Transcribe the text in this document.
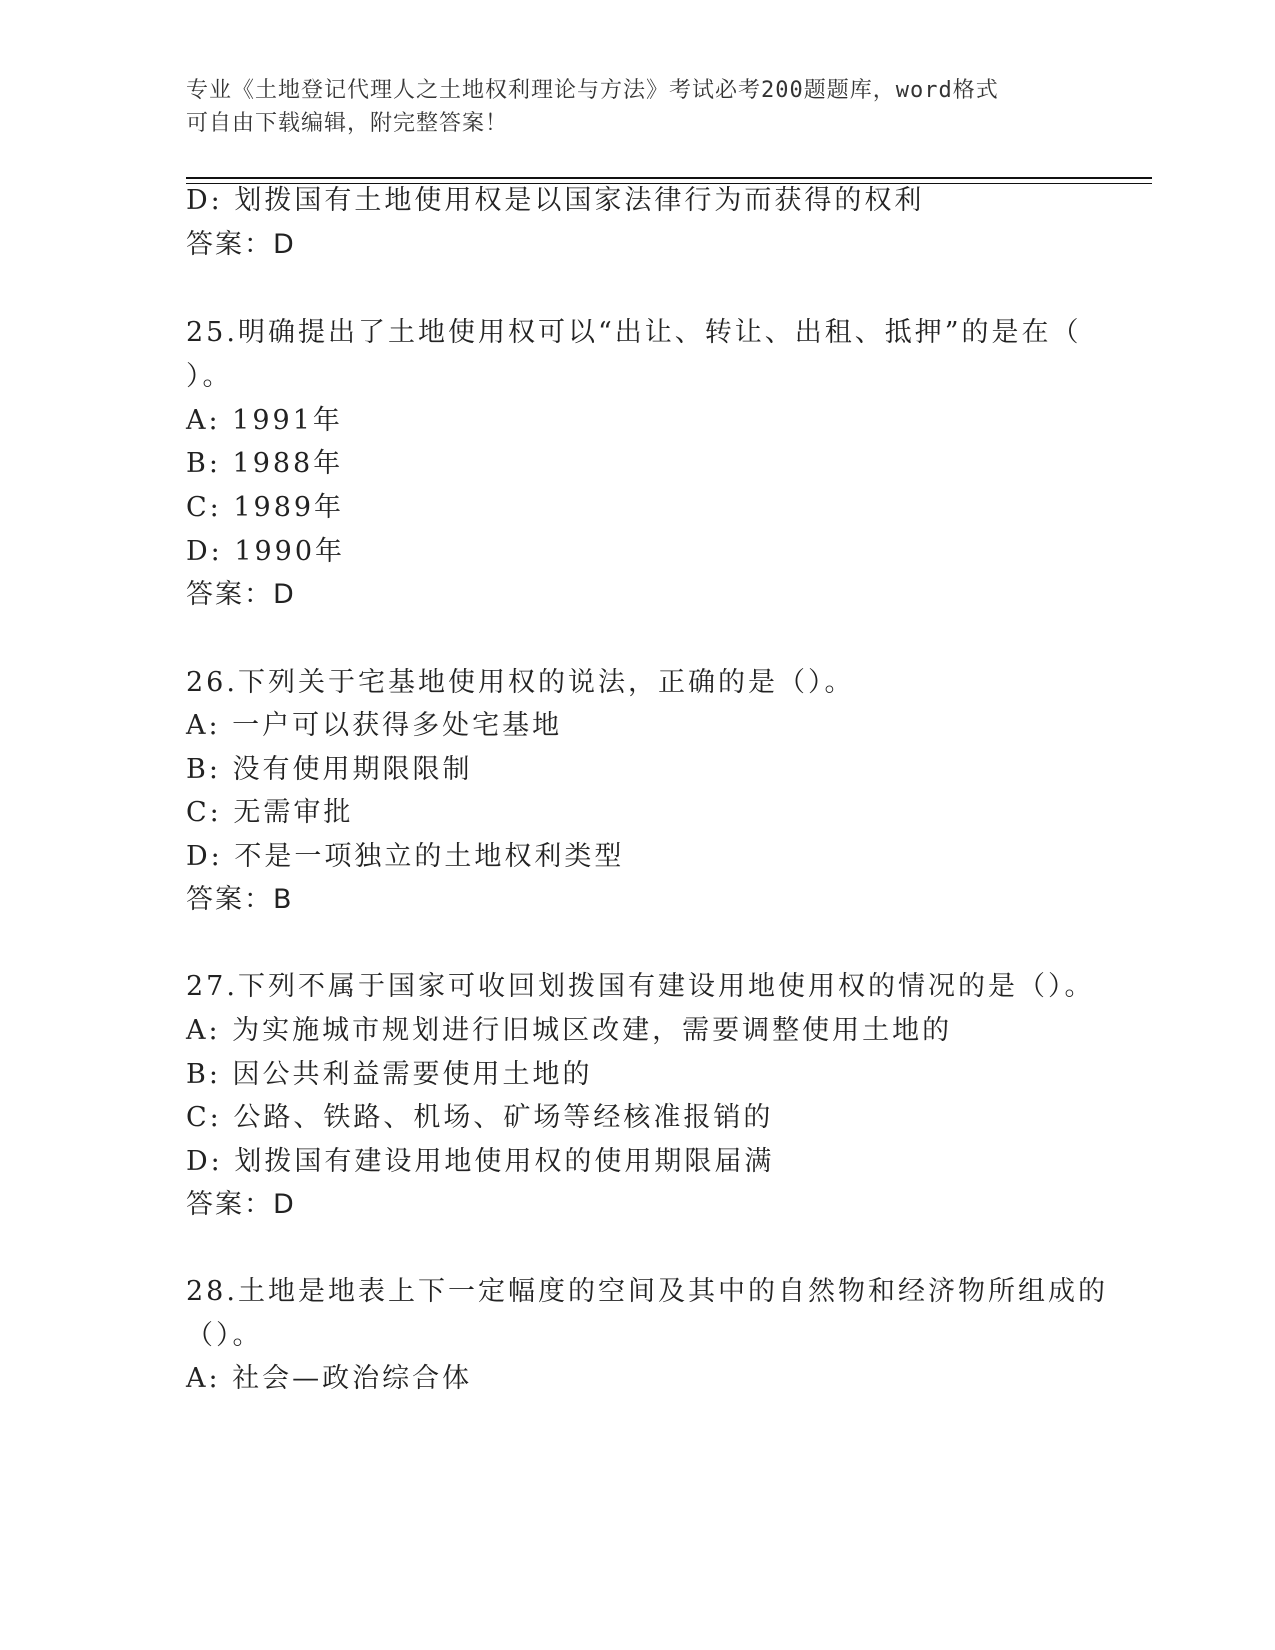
专业《土地登记代理人之土地权利理论与方法》考试必考200题题库，word格式
可自由下载编辑，附完整答案！
D: 划拨国有土地使用权是以国家法律行为而获得的权利
答案：D
25.明确提出了土地使用权可以“出让、转让、出租、抵押”的是在（
）。
A: 1991年
B: 1988年
C: 1989年
D: 1990年
答案：D
26.下列关于宅基地使用权的说法，正确的是（）。
A: 一户可以获得多处宅基地
B: 没有使用期限限制
C: 无需审批
D: 不是一项独立的土地权利类型
答案：B
27.下列不属于国家可收回划拨国有建设用地使用权的情况的是（）。
A: 为实施城市规划进行旧城区改建，需要调整使用土地的
B: 因公共利益需要使用土地的
C: 公路、铁路、机场、矿场等经核准报销的
D: 划拨国有建设用地使用权的使用期限届满
答案：D
28.土地是地表上下一定幅度的空间及其中的自然物和经济物所组成的
（）。
A: 社会—政治综合体
